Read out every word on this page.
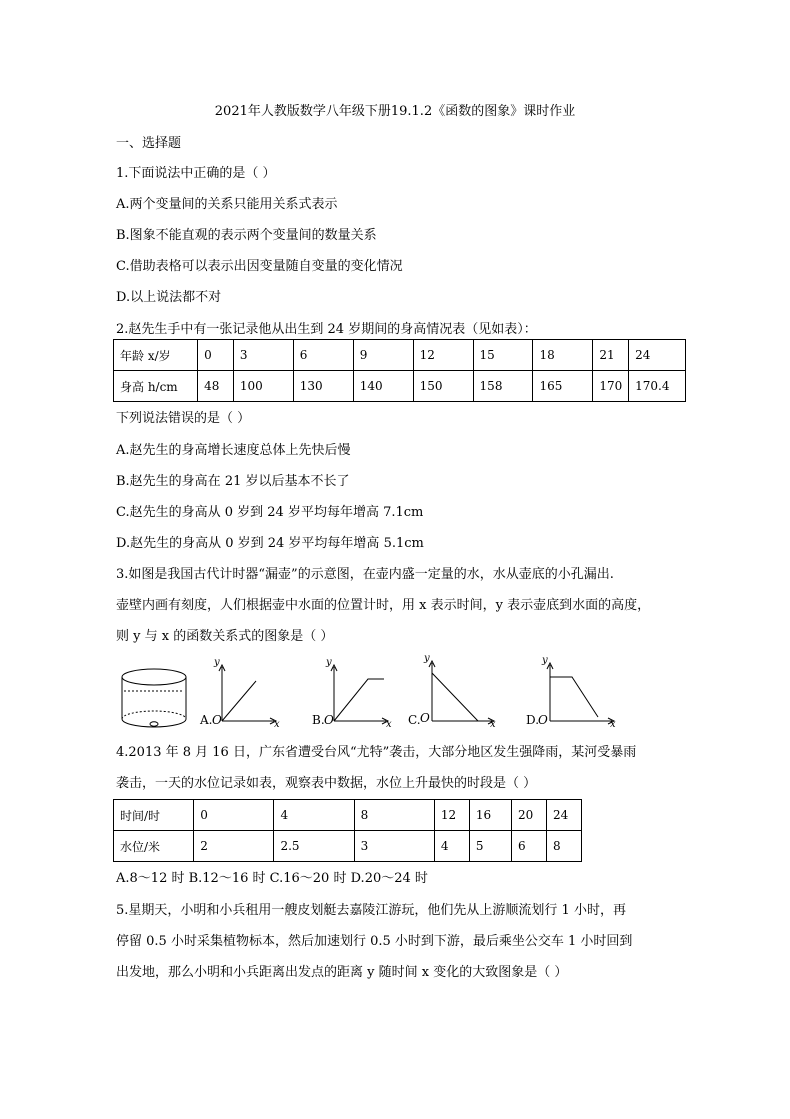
2021年人教版数学八年级下册19.1.2《函数的图象》课时作业
一、选择题
1.下面说法中正确的是（ ）
A.两个变量间的关系只能用关系式表示
B.图象不能直观的表示两个变量间的数量关系
C.借助表格可以表示出因变量随自变量的变化情况
D.以上说法都不对
2.赵先生手中有一张记录他从出生到 24 岁期间的身高情况表（见如表）：
年龄 x/岁	0	3	6	9	12	15	18	21	24
身高 h/cm	48	100	130	140	150	158	165	170	170.4
下列说法错误的是（ ）
A.赵先生的身高增长速度总体上先快后慢
B.赵先生的身高在 21 岁以后基本不长了
C.赵先生的身高从 0 岁到 24 岁平均每年增高 7.1cm
D.赵先生的身高从 0 岁到 24 岁平均每年增高 5.1cm
3.如图是我国古代计时器“漏壶”的示意图，在壶内盛一定量的水，水从壶底的小孔漏出.
壶壁内画有刻度，人们根据壶中水面的位置计时，用 x 表示时间，y 表示壶底到水面的高度，
则 y 与 x 的函数关系式的图象是（ ）
A. O	x
y
B. O	x
y
C. O	x
y
D.
O	x
y
4.2013 年 8 月 16 日，广东省遭受台风“尤特”袭击，大部分地区发生强降雨，某河受暴雨
袭击，一天的水位记录如表，观察表中数据，水位上升最快的时段是（ ）
时间/时	0	4	8	12	16	20	24
水位/米	2	2.5	3	4	5	6	8
A.8～12 时 B.12～16 时 C.16～20 时 D.20～24 时
5.星期天，小明和小兵租用一艘皮划艇去嘉陵江游玩，他们先从上游顺流划行 1 小时，再
停留 0.5 小时采集植物标本，然后加速划行 0.5 小时到下游，最后乘坐公交车 1 小时回到
出发地，那么小明和小兵距离出发点的距离 y 随时间 x 变化的大致图象是（ ）
